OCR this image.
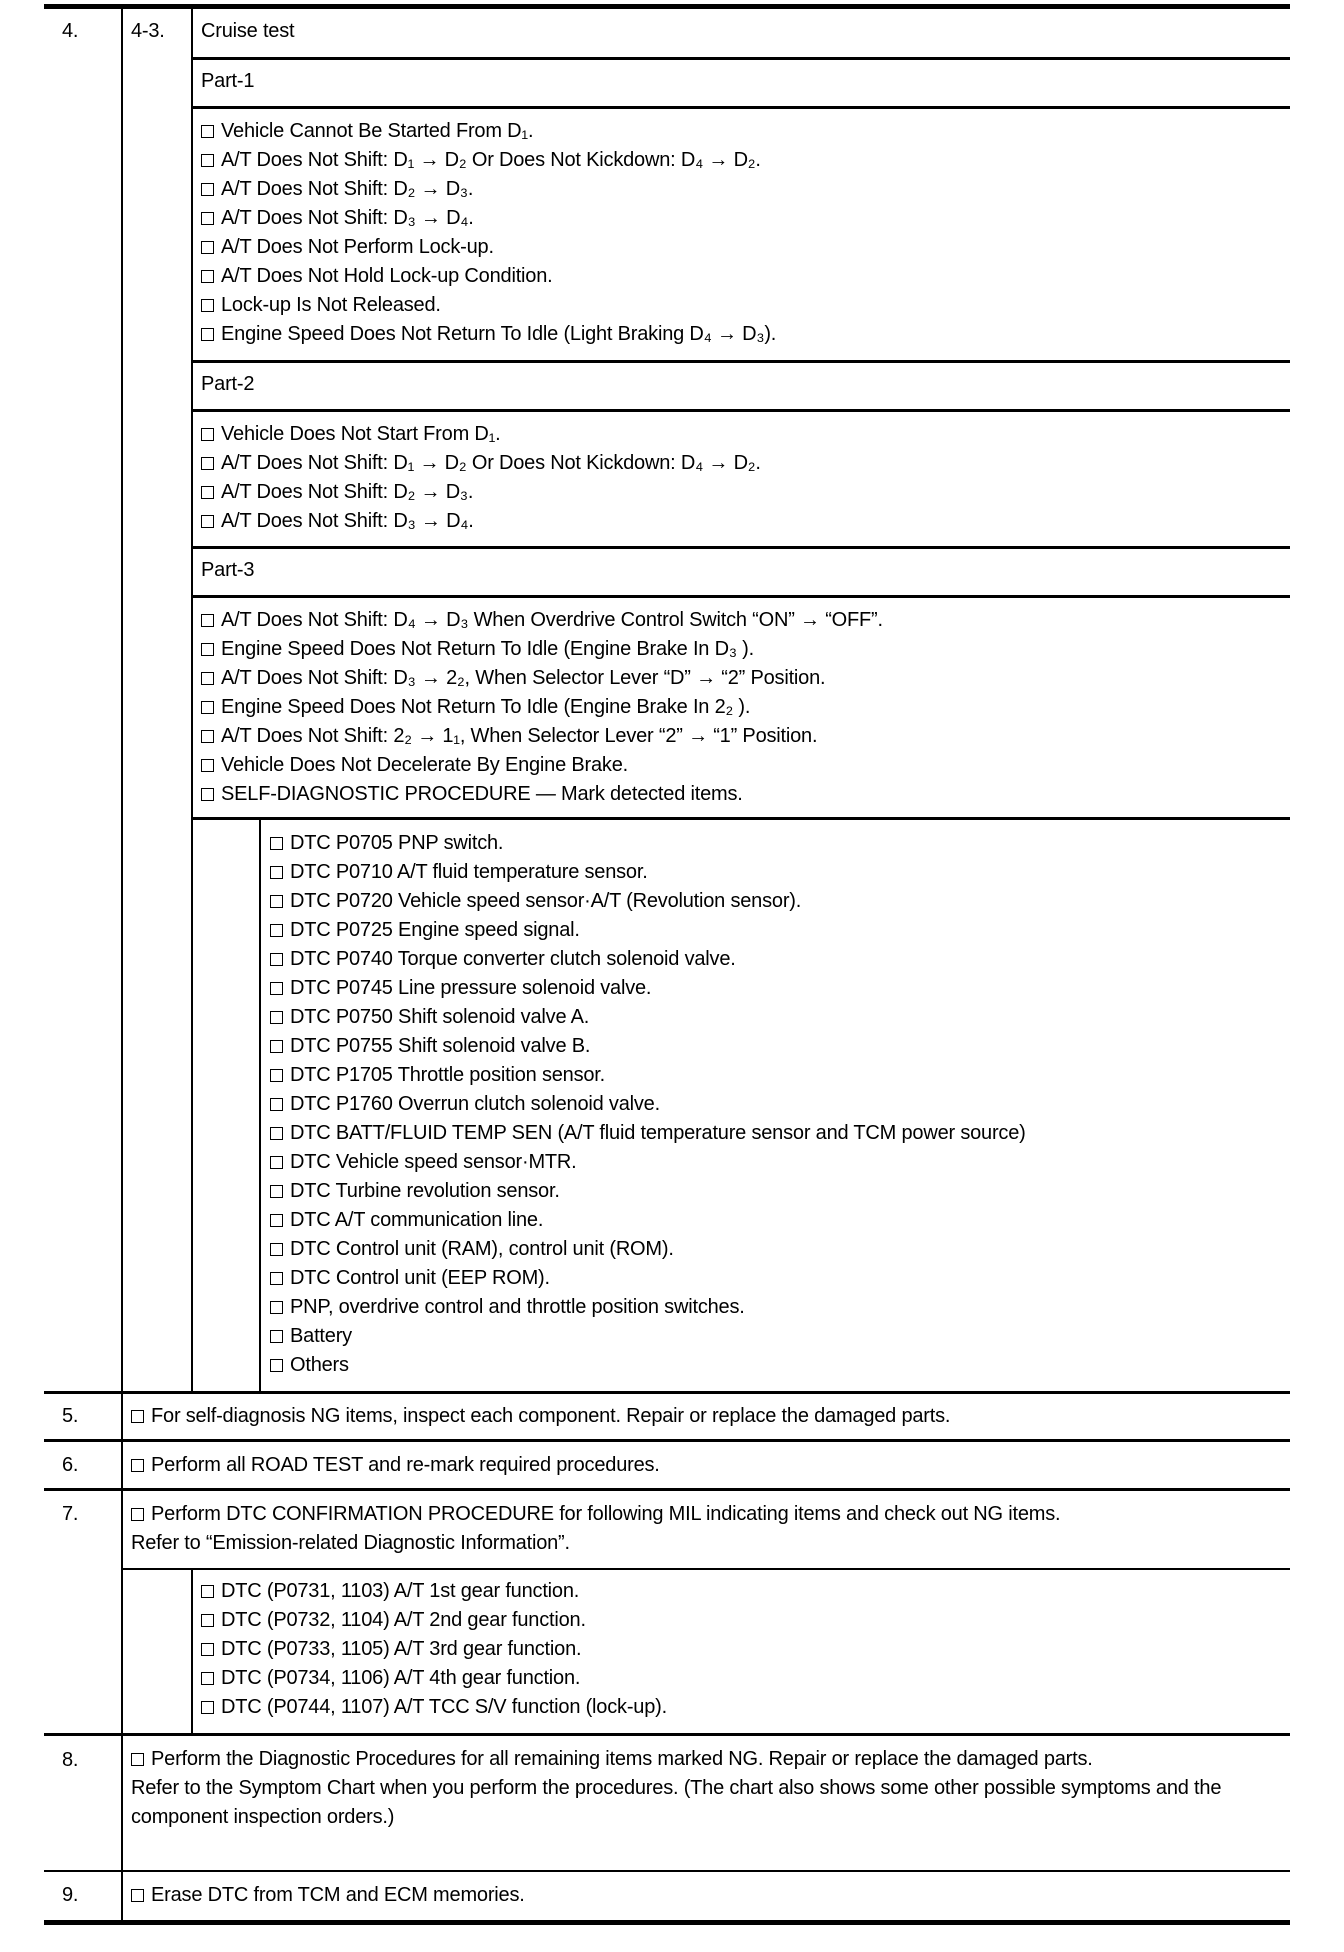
4.	4-3. Cruise test
Part-1
Vehicle Cannot Be Started From D₁.
A/T Does Not Shift: D₁ → D₂ Or Does Not Kickdown: D₄ → D₂.
A/T Does Not Shift: D₂ → D₃.
A/T Does Not Shift: D₃ → D₄.
A/T Does Not Perform Lock-up.
A/T Does Not Hold Lock-up Condition.
Lock-up Is Not Released.
Engine Speed Does Not Return To Idle (Light Braking D₄ → D₃).
Part-2
Vehicle Does Not Start From D₁.
A/T Does Not Shift: D₁ → D₂ Or Does Not Kickdown: D₄ → D₂.
A/T Does Not Shift: D₂ → D₃.
A/T Does Not Shift: D₃ → D₄.
Part-3
A/T Does Not Shift: D₄ → D₃ When Overdrive Control Switch “ON” → “OFF”.
Engine Speed Does Not Return To Idle (Engine Brake In D₃ ).
A/T Does Not Shift: D₃ → 2₂, When Selector Lever “D” → “2” Position.
Engine Speed Does Not Return To Idle (Engine Brake In 2₂ ).
A/T Does Not Shift: 2₂ → 1₁, When Selector Lever “2” → “1” Position.
Vehicle Does Not Decelerate By Engine Brake.
SELF-DIAGNOSTIC PROCEDURE — Mark detected items.
DTC P0705 PNP switch.
DTC P0710 A/T fluid temperature sensor.
DTC P0720 Vehicle speed sensor·A/T (Revolution sensor).
DTC P0725 Engine speed signal.
DTC P0740 Torque converter clutch solenoid valve.
DTC P0745 Line pressure solenoid valve.
DTC P0750 Shift solenoid valve A.
DTC P0755 Shift solenoid valve B.
DTC P1705 Throttle position sensor.
DTC P1760 Overrun clutch solenoid valve.
DTC BATT/FLUID TEMP SEN (A/T fluid temperature sensor and TCM power source)
DTC Vehicle speed sensor·MTR.
DTC Turbine revolution sensor.
DTC A/T communication line.
DTC Control unit (RAM), control unit (ROM).
DTC Control unit (EEP ROM).
PNP, overdrive control and throttle position switches.
Battery
Others
5.	For self-diagnosis NG items, inspect each component. Repair or replace the damaged parts.
6.	Perform all ROAD TEST and re-mark required procedures.
7.	Perform DTC CONFIRMATION PROCEDURE for following MIL indicating items and check out NG items.
Refer to “Emission-related Diagnostic Information”.
DTC (P0731, 1103) A/T 1st gear function.
DTC (P0732, 1104) A/T 2nd gear function.
DTC (P0733, 1105) A/T 3rd gear function.
DTC (P0734, 1106) A/T 4th gear function.
DTC (P0744, 1107) A/T TCC S/V function (lock-up).
8.	Perform the Diagnostic Procedures for all remaining items marked NG. Repair or replace the damaged parts.
Refer to the Symptom Chart when you perform the procedures. (The chart also shows some other possible symptoms and the component inspection orders.)
9.	Erase DTC from TCM and ECM memories.
